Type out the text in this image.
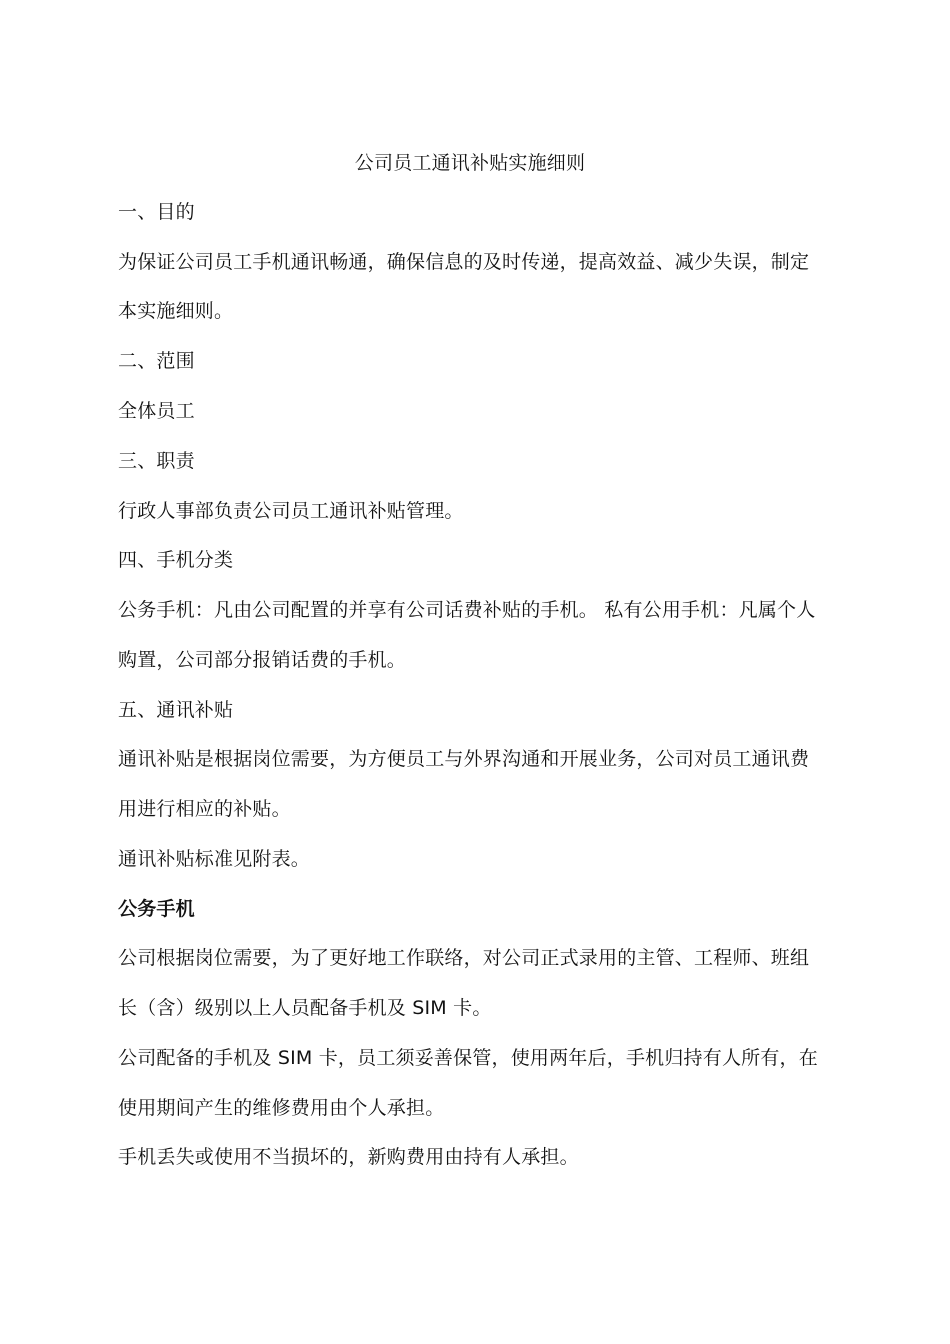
公司员工通讯补贴实施细则
一、目的
为保证公司员工手机通讯畅通，确保信息的及时传递，提高效益、减少失误，制定
本实施细则。
二、范围
全体员工
三、职责
行政人事部负责公司员工通讯补贴管理。
四、手机分类
公务手机：凡由公司配置的并享有公司话费补贴的手机。 私有公用手机：凡属个人
购置，公司部分报销话费的手机。
五、通讯补贴
通讯补贴是根据岗位需要，为方便员工与外界沟通和开展业务，公司对员工通讯费
用进行相应的补贴。
通讯补贴标准见附表。
公务手机
公司根据岗位需要，为了更好地工作联络，对公司正式录用的主管、工程师、班组
长（含）级别以上人员配备手机及 SIM 卡。
公司配备的手机及 SIM 卡，员工须妥善保管，使用两年后，手机归持有人所有，在
使用期间产生的维修费用由个人承担。
手机丢失或使用不当损坏的，新购费用由持有人承担。
